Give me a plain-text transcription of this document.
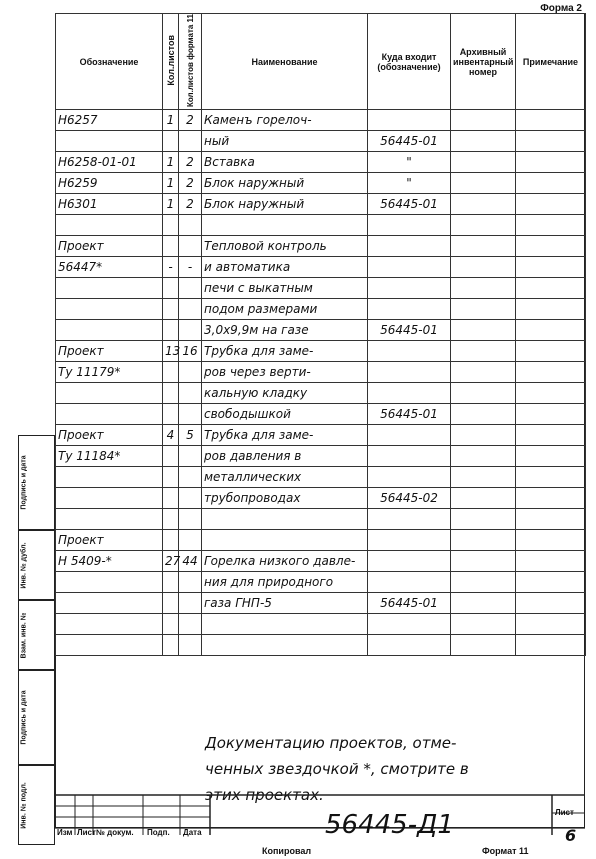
Форма 2
Обозначение	Кол.листов	Кол.листов формата 11	Наименование	Куда входит (обозначение)	Архивный инвентарный номер	Примечание
Н6257	1	2	Каменъ горелоч-			
			ный	56445-01		
Н6258-01-01	1	2	Вставка	"		
Н6259	1	2	Блок наружный	"		
Н6301	1	2	Блок наружный	56445-01		

Проект			Тепловой контроль			
56447*	-	-	и автоматика			
			печи с выкатным			
			подом размерами			
			3,0х9,9м на газе	56445-01		
Проект	13	16	Трубка для заме-			
Ту 11179*			ров через верти-			
			кальную кладку			
			свободышкой	56445-01		
Проект	4	5	Трубка для заме-			
Ту 11184*			ров давления в			
			металлических			
			трубопроводах	56445-02		

Проект						
Н 5409-*	27	44	Горелка низкого давле-			
			ния для природного			
			газа ГНП-5	56445-01		

Подпись и дата
Инв. № дубл.
Взам. инв. №
Подпись и дата
Инв. № подл.
Документацию проектов, отме-
ченных звездочкой *, смотрите в
этих проектах.
56445-Д1
Изм Лист № докум. Подп. Дата
Лист
6
Копировал	Формат 11
